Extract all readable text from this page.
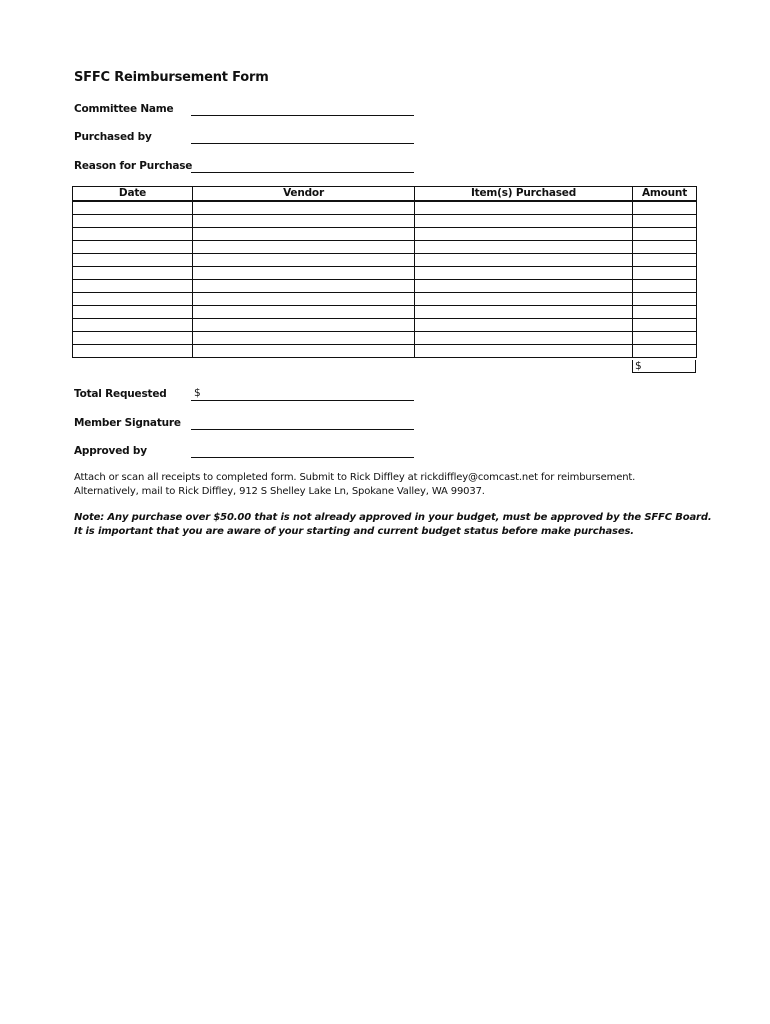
SFFC Reimbursement Form
Committee Name
Purchased by
Reason for Purchase
Date	Vendor	Item(s) Purchased	Amount

$
Total Requested	$
Member Signature
Approved by
Attach or scan all receipts to completed form. Submit to Rick Diffley at rickdiffley@comcast.net for reimbursement.
Alternatively, mail to Rick Diffley, 912 S Shelley Lake Ln, Spokane Valley, WA 99037.
Note: Any purchase over $50.00 that is not already approved in your budget, must be approved by the SFFC Board.
It is important that you are aware of your starting and current budget status before make purchases.
